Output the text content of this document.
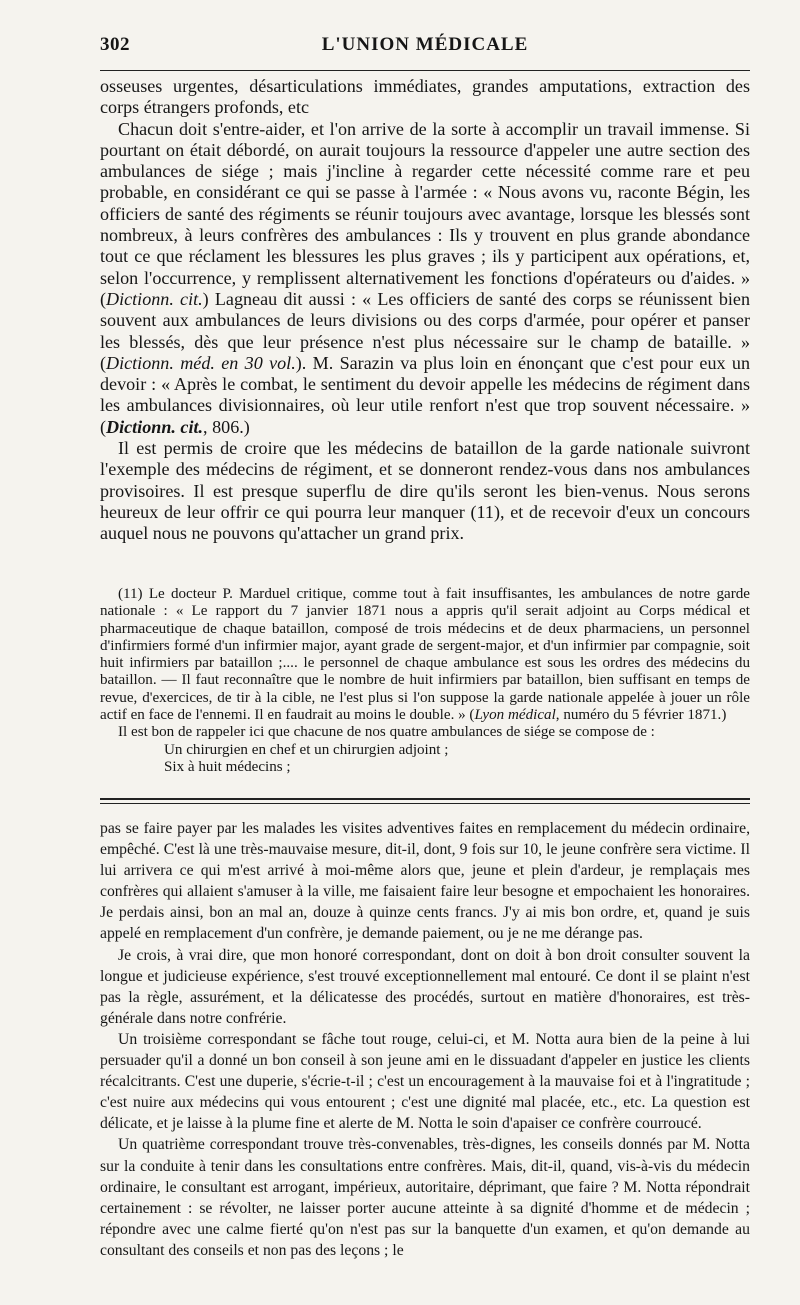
302	L'UNION MÉDICALE

osseuses urgentes, désarticulations immédiates, grandes amputations, extraction des corps étrangers profonds, etc

Chacun doit s'entre-aider, et l'on arrive de la sorte à accomplir un travail immense. Si pourtant on était débordé, on aurait toujours la ressource d'appeler une autre section des ambulances de siége ; mais j'incline à regarder cette nécessité comme rare et peu probable, en considérant ce qui se passe à l'armée : « Nous avons vu, raconte Bégin, les officiers de santé des régiments se réunir toujours avec avantage, lorsque les blessés sont nombreux, à leurs confrères des ambulances : Ils y trouvent en plus grande abondance tout ce que réclament les blessures les plus graves ; ils y participent aux opérations, et, selon l'occurrence, y remplissent alternativement les fonctions d'opérateurs ou d'aides. » (Dictionn. cit.) Lagneau dit aussi : « Les officiers de santé des corps se réunissent bien souvent aux ambulances de leurs divisions ou des corps d'armée, pour opérer et panser les blessés, dès que leur présence n'est plus nécessaire sur le champ de bataille. » (Dictionn. méd. en 30 vol.). M. Sarazin va plus loin en énonçant que c'est pour eux un devoir : « Après le combat, le sentiment du devoir appelle les médecins de régiment dans les ambulances divisionnaires, où leur utile renfort n'est que trop souvent nécessaire. » (Dictionn. cit., 806.)

Il est permis de croire que les médecins de bataillon de la garde nationale suivront l'exemple des médecins de régiment, et se donneront rendez-vous dans nos ambulances provisoires. Il est presque superflu de dire qu'ils seront les bien-venus. Nous serons heureux de leur offrir ce qui pourra leur manquer (11), et de recevoir d'eux un concours auquel nous ne pouvons qu'attacher un grand prix.

(11) Le docteur P. Marduel critique, comme tout à fait insuffisantes, les ambulances de notre garde nationale : « Le rapport du 7 janvier 1871 nous a appris qu'il serait adjoint au Corps médical et pharmaceutique de chaque bataillon, composé de trois médecins et de deux pharmaciens, un personnel d'infirmiers formé d'un infirmier major, ayant grade de sergent-major, et d'un infirmier par compagnie, soit huit infirmiers par bataillon ;.... le personnel de chaque ambulance est sous les ordres des médecins du bataillon. — Il faut reconnaître que le nombre de huit infirmiers par bataillon, bien suffisant en temps de revue, d'exercices, de tir à la cible, ne l'est plus si l'on suppose la garde nationale appelée à jouer un rôle actif en face de l'ennemi. Il en faudrait au moins le double. » (Lyon médical, numéro du 5 février 1871.)

Il est bon de rappeler ici que chacune de nos quatre ambulances de siége se compose de :

Un chirurgien en chef et un chirurgien adjoint ;

Six à huit médecins ;

pas se faire payer par les malades les visites adventives faites en remplacement du médecin ordinaire, empêché. C'est là une très-mauvaise mesure, dit-il, dont, 9 fois sur 10, le jeune confrère sera victime. Il lui arrivera ce qui m'est arrivé à moi-même alors que, jeune et plein d'ardeur, je remplaçais mes confrères qui allaient s'amuser à la ville, me faisaient faire leur besogne et empochaient les honoraires. Je perdais ainsi, bon an mal an, douze à quinze cents francs. J'y ai mis bon ordre, et, quand je suis appelé en remplacement d'un confrère, je demande paiement, ou je ne me dérange pas.

Je crois, à vrai dire, que mon honoré correspondant, dont on doit à bon droit consulter souvent la longue et judicieuse expérience, s'est trouvé exceptionnellement mal entouré. Ce dont il se plaint n'est pas la règle, assurément, et la délicatesse des procédés, surtout en matière d'honoraires, est très-générale dans notre confrérie.

Un troisième correspondant se fâche tout rouge, celui-ci, et M. Notta aura bien de la peine à lui persuader qu'il a donné un bon conseil à son jeune ami en le dissuadant d'appeler en justice les clients récalcitrants. C'est une duperie, s'écrie-t-il ; c'est un encouragement à la mauvaise foi et à l'ingratitude ; c'est nuire aux médecins qui vous entourent ; c'est une dignité mal placée, etc., etc. La question est délicate, et je laisse à la plume fine et alerte de M. Notta le soin d'apaiser ce confrère courroucé.

Un quatrième correspondant trouve très-convenables, très-dignes, les conseils donnés par M. Notta sur la conduite à tenir dans les consultations entre confrères. Mais, dit-il, quand, vis-à-vis du médecin ordinaire, le consultant est arrogant, impérieux, autoritaire, déprimant, que faire ? M. Notta répondrait certainement : se révolter, ne laisser porter aucune atteinte à sa dignité d'homme et de médecin ; répondre avec une calme fierté qu'on n'est pas sur la banquette d'un examen, et qu'on demande au consultant des conseils et non pas des leçons ; le
